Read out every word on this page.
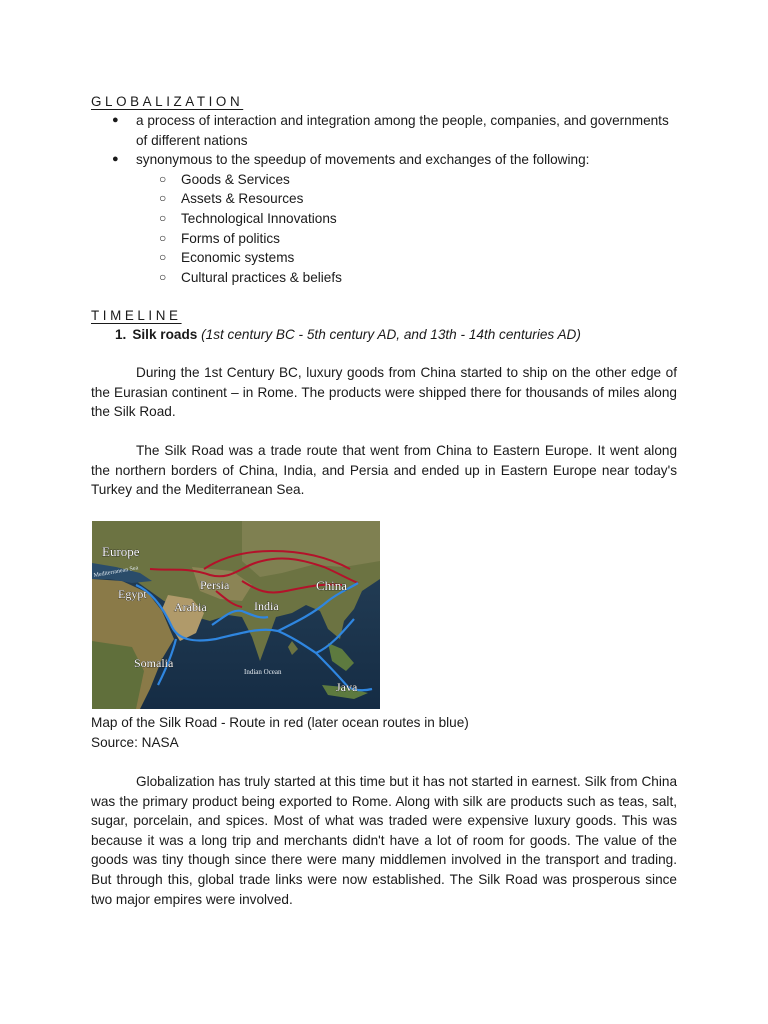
GLOBALIZATION
● a process of interaction and integration among the people, companies, and governments of different nations
● synonymous to the speedup of movements and exchanges of the following:
○ Goods & Services
○ Assets & Resources
○ Technological Innovations
○ Forms of politics
○ Economic systems
○ Cultural practices & beliefs
TIMELINE
1. Silk roads (1st century BC - 5th century AD, and 13th - 14th centuries AD)

During the 1st Century BC, luxury goods from China started to ship on the other edge of the Eurasian continent – in Rome. The products were shipped there for thousands of miles along the Silk Road.

The Silk Road was a trade route that went from China to Eastern Europe. It went along the northern borders of China, India, and Persia and ended up in Eastern Europe near today's Turkey and the Mediterranean Sea.

Europe
Mediterranean Sea
Egypt
Persia
Arabia	India
China
Somalia
Indian Ocean
Java
Map of the Silk Road - Route in red (later ocean routes in blue)
Source: NASA

Globalization has truly started at this time but it has not started in earnest. Silk from China was the primary product being exported to Rome. Along with silk are products such as teas, salt, sugar, porcelain, and spices. Most of what was traded were expensive luxury goods. This was because it was a long trip and merchants didn't have a lot of room for goods. The value of the goods was tiny though since there were many middlemen involved in the transport and trading. But through this, global trade links were now established. The Silk Road was prosperous since two major empires were involved.
